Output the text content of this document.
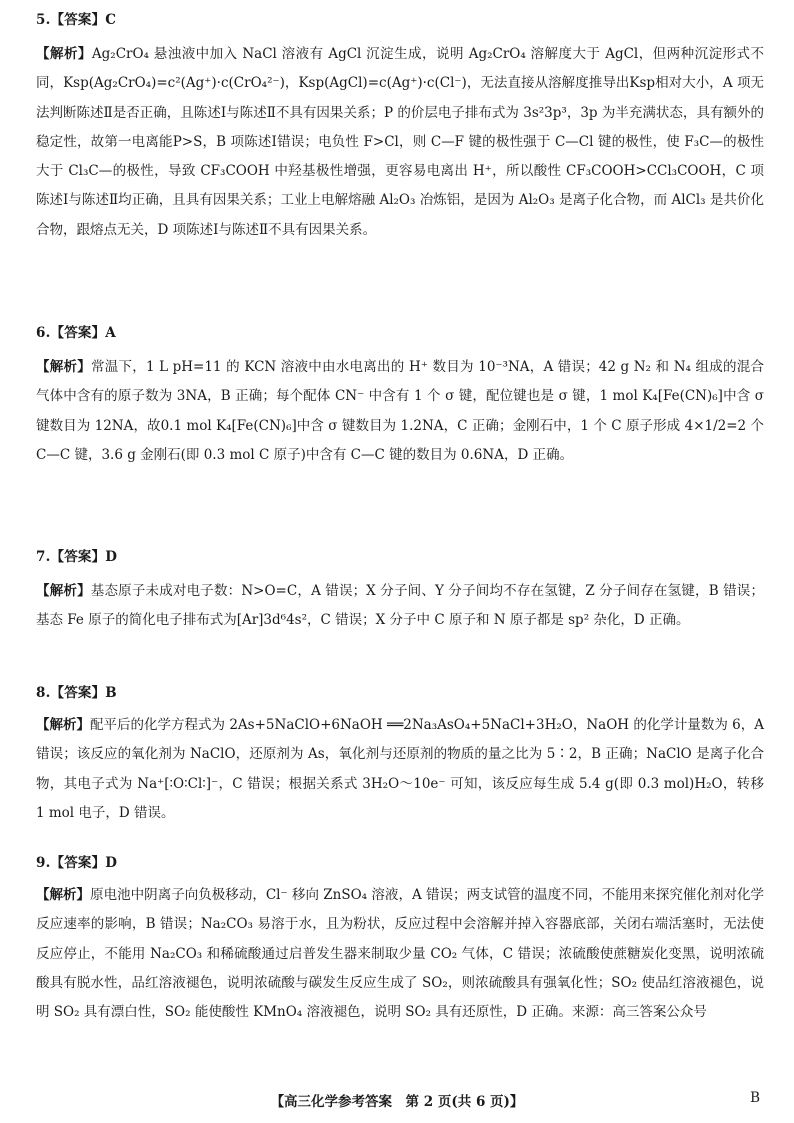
5.【答案】C
【解析】Ag₂CrO₄ 悬浊液中加入 NaCl 溶液有 AgCl 沉淀生成，说明 Ag₂CrO₄ 溶解度大于 AgCl，但两种沉淀形式不同，Ksp(Ag₂CrO₄)=c²(Ag⁺)·c(CrO₄²⁻)，Ksp(AgCl)=c(Ag⁺)·c(Cl⁻)，无法直接从溶解度推导出Ksp相对大小，A 项无法判断陈述Ⅱ是否正确，且陈述Ⅰ与陈述Ⅱ不具有因果关系；P 的价层电子排布式为 3s²3p³，3p 为半充满状态，具有额外的稳定性，故第一电离能P>S，B 项陈述Ⅰ错误；电负性 F>Cl，则 C—F 键的极性强于 C—Cl 键的极性，使 F₃C—的极性大于 Cl₃C—的极性，导致 CF₃COOH 中羟基极性增强，更容易电离出 H⁺，所以酸性 CF₃COOH>CCl₃COOH，C 项陈述Ⅰ与陈述Ⅱ均正确，且具有因果关系；工业上电解熔融 Al₂O₃ 冶炼铝，是因为 Al₂O₃ 是离子化合物，而 AlCl₃ 是共价化合物，跟熔点无关，D 项陈述Ⅰ与陈述Ⅱ不具有因果关系。
6.【答案】A
【解析】常温下，1 L pH=11 的 KCN 溶液中由水电离出的 H⁺ 数目为 10⁻³NA，A 错误；42 g N₂ 和 N₄ 组成的混合气体中含有的原子数为 3NA，B 正确；每个配体 CN⁻ 中含有 1 个 σ 键，配位键也是 σ 键，1 mol K₄[Fe(CN)₆]中含 σ 键数目为 12NA，故0.1 mol K₄[Fe(CN)₆]中含 σ 键数目为 1.2NA，C 正确；金刚石中，1 个 C 原子形成 4×1/2=2 个 C—C 键，3.6 g 金刚石(即 0.3 mol C 原子)中含有 C—C 键的数目为 0.6NA，D 正确。
7.【答案】D
【解析】基态原子未成对电子数：N>O=C，A 错误；X 分子间、Y 分子间均不存在氢键，Z 分子间存在氢键，B 错误；基态 Fe 原子的简化电子排布式为[Ar]3d⁶4s²，C 错误；X 分子中 C 原子和 N 原子都是 sp² 杂化，D 正确。
8.【答案】B
【解析】配平后的化学方程式为 2As+5NaClO+6NaOH ══2Na₃AsO₄+5NaCl+3H₂O，NaOH 的化学计量数为 6，A 错误；该反应的氧化剂为 NaClO，还原剂为 As，氧化剂与还原剂的物质的量之比为 5∶2，B 正确；NaClO 是离子化合物，其电子式为 Na⁺[∶O∶Cl∶]⁻，C 错误；根据关系式 3H₂O～10e⁻ 可知，该反应每生成 5.4 g(即 0.3 mol)H₂O，转移 1 mol 电子，D 错误。
9.【答案】D
【解析】原电池中阴离子向负极移动，Cl⁻ 移向 ZnSO₄ 溶液，A 错误；两支试管的温度不同，不能用来探究催化剂对化学反应速率的影响，B 错误；Na₂CO₃ 易溶于水，且为粉状，反应过程中会溶解并掉入容器底部，关闭右端活塞时，无法使反应停止，不能用 Na₂CO₃ 和稀硫酸通过启普发生器来制取少量 CO₂ 气体，C 错误；浓硫酸使蔗糖炭化变黑，说明浓硫酸具有脱水性，品红溶液褪色，说明浓硫酸与碳发生反应生成了 SO₂，则浓硫酸具有强氧化性；SO₂ 使品红溶液褪色，说明 SO₂ 具有漂白性，SO₂ 能使酸性 KMnO₄ 溶液褪色，说明 SO₂ 具有还原性，D 正确。来源：高三答案公众号
【高三化学参考答案　第 2 页(共 6 页)】	B
